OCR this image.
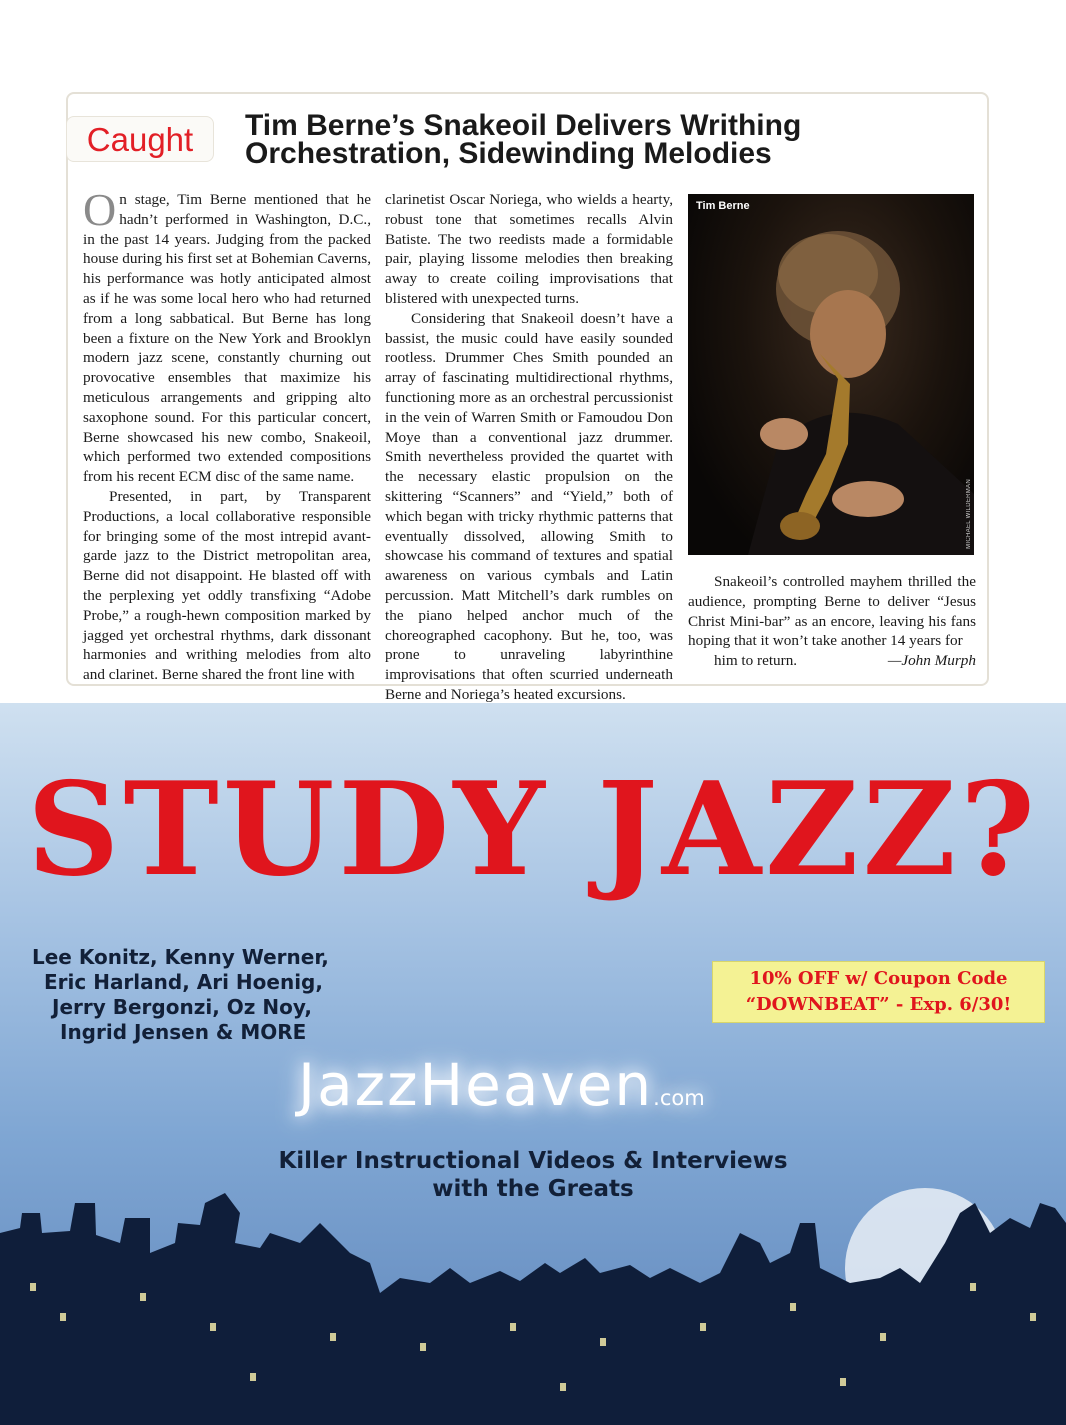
Caught	Tim Berne’s Snakeoil Delivers Writhing
Orchestration, Sidewinding Melodies

On stage, Tim Berne mentioned that he hadn’t performed in Washington, D.C., in the past 14 years. Judging from the packed house during his first set at Bohemian Caverns, his performance was hotly anticipated almost as if he was some local hero who had returned from a long sabbatical. But Berne has long been a fixture on the New York and Brooklyn modern jazz scene, constantly churning out provocative ensembles that maximize his meticulous arrangements and gripping alto saxophone sound. For this particular concert, Berne showcased his new combo, Snakeoil, which performed two extended compositions from his recent ECM disc of the same name.

Presented, in part, by Transparent Productions, a local collaborative responsible for bringing some of the most intrepid avant-garde jazz to the District metropolitan area, Berne did not disappoint. He blasted off with the perplexing yet oddly transfixing “Adobe Probe,” a rough-hewn composition marked by jagged yet orchestral rhythms, dark dissonant harmonies and writhing melodies from alto and clarinet. Berne shared the front line with

clarinetist Oscar Noriega, who wields a hearty, robust tone that sometimes recalls Alvin Batiste. The two reedists made a formidable pair, playing lissome melodies then breaking away to create coiling improvisations that blistered with unexpected turns.

Considering that Snakeoil doesn’t have a bassist, the music could have easily sounded rootless. Drummer Ches Smith pounded an array of fascinating multidirectional rhythms, functioning more as an orchestral percussionist in the vein of Warren Smith or Famoudou Don Moye than a conventional jazz drummer. Smith nevertheless provided the quartet with the necessary elastic propulsion on the skittering “Scanners” and “Yield,” both of which began with tricky rhythmic patterns that eventually dissolved, allowing Smith to showcase his command of textures and spatial awareness on various cymbals and Latin percussion. Matt Mitchell’s dark rumbles on the piano helped anchor much of the choreographed cacophony. But he, too, was prone to unraveling labyrinthine improvisations that often scurried underneath Berne and Noriega’s heated excursions.

Tim Berne
MICHAEL WILDERMAN

Snakeoil’s controlled mayhem thrilled the audience, prompting Berne to deliver “Jesus Christ Mini-bar” as an encore, leaving his fans hoping that it won’t take another 14 years for

him to return.	—John Murph

STUDY JAZZ?
Lee Konitz, Kenny Werner,
Eric Harland, Ari Hoenig,
Jerry Bergonzi, Oz Noy,
Ingrid Jensen & MORE
10% OFF w/ Coupon Code
“DOWNBEAT” - Exp. 6/30!
JazzHeaven.com
Killer Instructional Videos & Interviews
with the Greats
